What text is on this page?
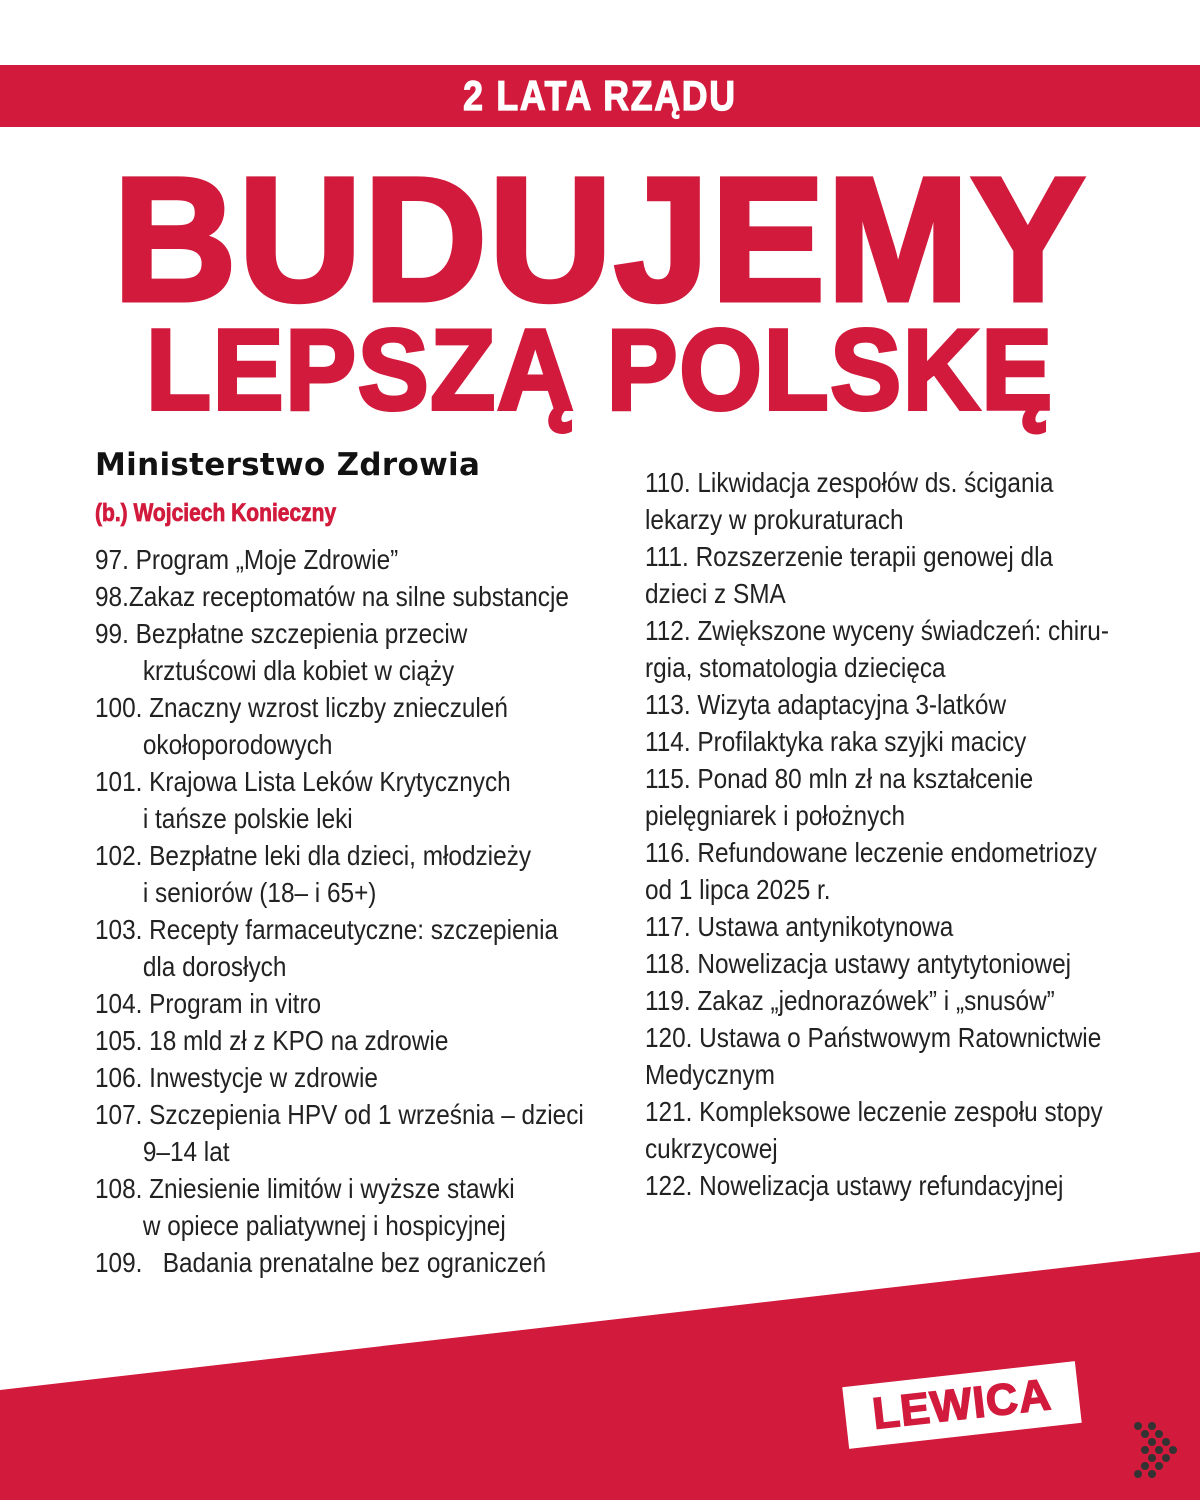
2 LATA RZĄDU
BUDUJEMY
LEPSZĄ POLSKĘ
Ministerstwo Zdrowia
(b.) Wojciech Konieczny
97. Program „Moje Zdrowie”
98.Zakaz receptomatów na silne substancje
99. Bezpłatne szczepienia przeciw
krztuścowi dla kobiet w ciąży
100. Znaczny wzrost liczby znieczuleń
okołoporodowych
101. Krajowa Lista Leków Krytycznych
i tańsze polskie leki
102. Bezpłatne leki dla dzieci, młodzieży
i seniorów (18– i 65+)
103. Recepty farmaceutyczne: szczepienia
dla dorosłych
104. Program in vitro
105. 18 mld zł z KPO na zdrowie
106. Inwestycje w zdrowie
107. Szczepienia HPV od 1 września – dzieci
9–14 lat
108. Zniesienie limitów i wyższe stawki
w opiece paliatywnej i hospicyjnej
109.   Badania prenatalne bez ograniczeń
110. Likwidacja zespołów ds. ścigania
lekarzy w prokuraturach
111. Rozszerzenie terapii genowej dla
dzieci z SMA
112. Zwiększone wyceny świadczeń: chiru-
rgia, stomatologia dziecięca
113. Wizyta adaptacyjna 3-latków
114. Profilaktyka raka szyjki macicy
115. Ponad 80 mln zł na kształcenie
pielęgniarek i położnych
116. Refundowane leczenie endometriozy
od 1 lipca 2025 r.
117. Ustawa antynikotynowa
118. Nowelizacja ustawy antytytoniowej
119. Zakaz „jednorazówek” i „snusów”
120. Ustawa o Państwowym Ratownictwie
Medycznym
121. Kompleksowe leczenie zespołu stopy
cukrzycowej
122. Nowelizacja ustawy refundacyjnej
LEWICA
